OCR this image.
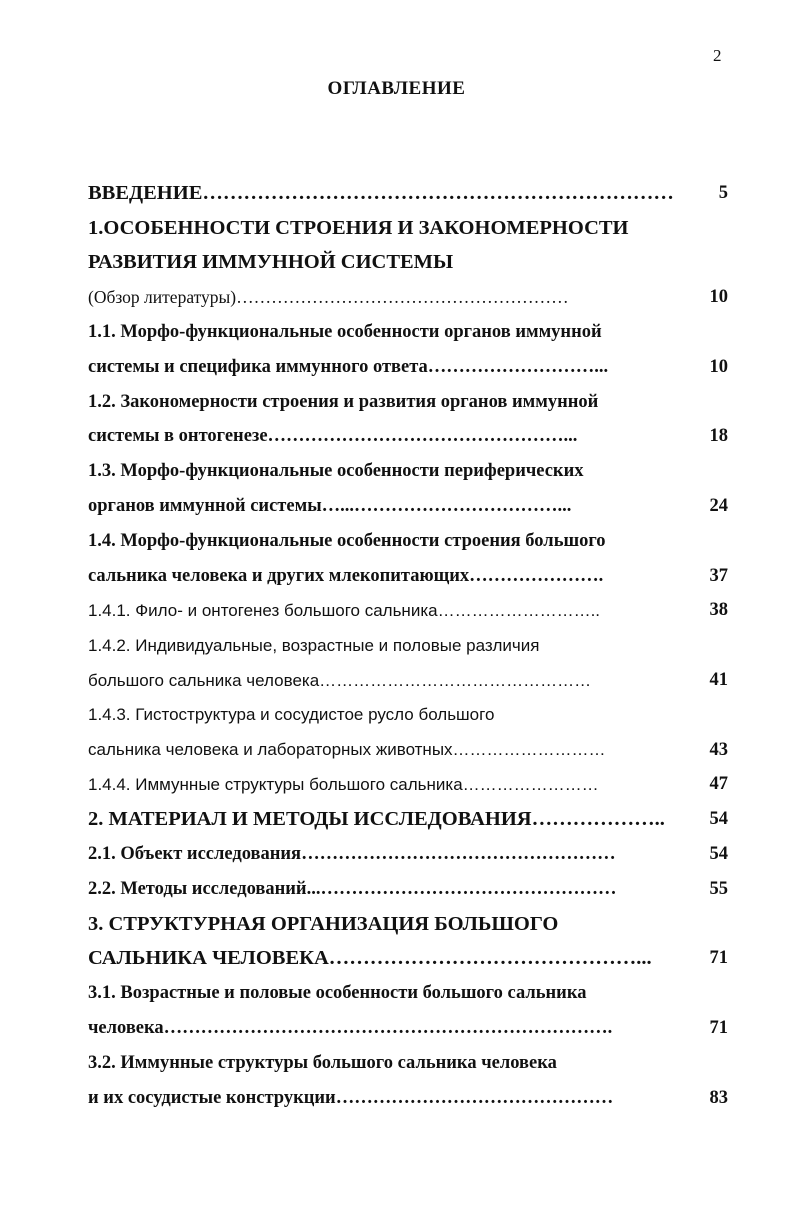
2
ОГЛАВЛЕНИЕ
ВВЕДЕНИЕ……………………………………………………………	5
1.ОСОБЕННОСТИ СТРОЕНИЯ И ЗАКОНОМЕРНОСТИ
РАЗВИТИЯ ИММУННОЙ СИСТЕМЫ
(Обзор литературы)…………………………………………………	10
1.1. Морфо-функциональные особенности органов иммунной
системы и специфика иммунного ответа………………………...	10
1.2. Закономерности строения и развития органов иммунной
системы в онтогенезе…………………………………………...	18
1.3. Морфо-функциональные особенности периферических
органов иммунной системы…...……………………………...	24
1.4. Морфо-функциональные особенности строения большого
сальника человека и других млекопитающих………………….	37
1.4.1. Фило- и онтогенез большого сальника………………………..	38
1.4.2. Индивидуальные, возрастные и половые различия
большого сальника человека…………………………………………	41
1.4.3. Гистоструктура и сосудистое русло большого
сальника человека и лабораторных животных………………………	43
1.4.4. Иммунные структуры большого сальника……………………	47
2. МАТЕРИАЛ И МЕТОДЫ ИССЛЕДОВАНИЯ………………..	54
2.1. Объект исследования……………………………………………	54
2.2. Методы исследований...…………………………………………	55
3. СТРУКТУРНАЯ ОРГАНИЗАЦИЯ БОЛЬШОГО
САЛЬНИКА ЧЕЛОВЕКА………………………………………...	71
3.1. Возрастные и половые особенности большого сальника
человека……………………………………………………………….	71
3.2. Иммунные структуры большого сальника человека
и их сосудистые конструкции………………………………………	83
